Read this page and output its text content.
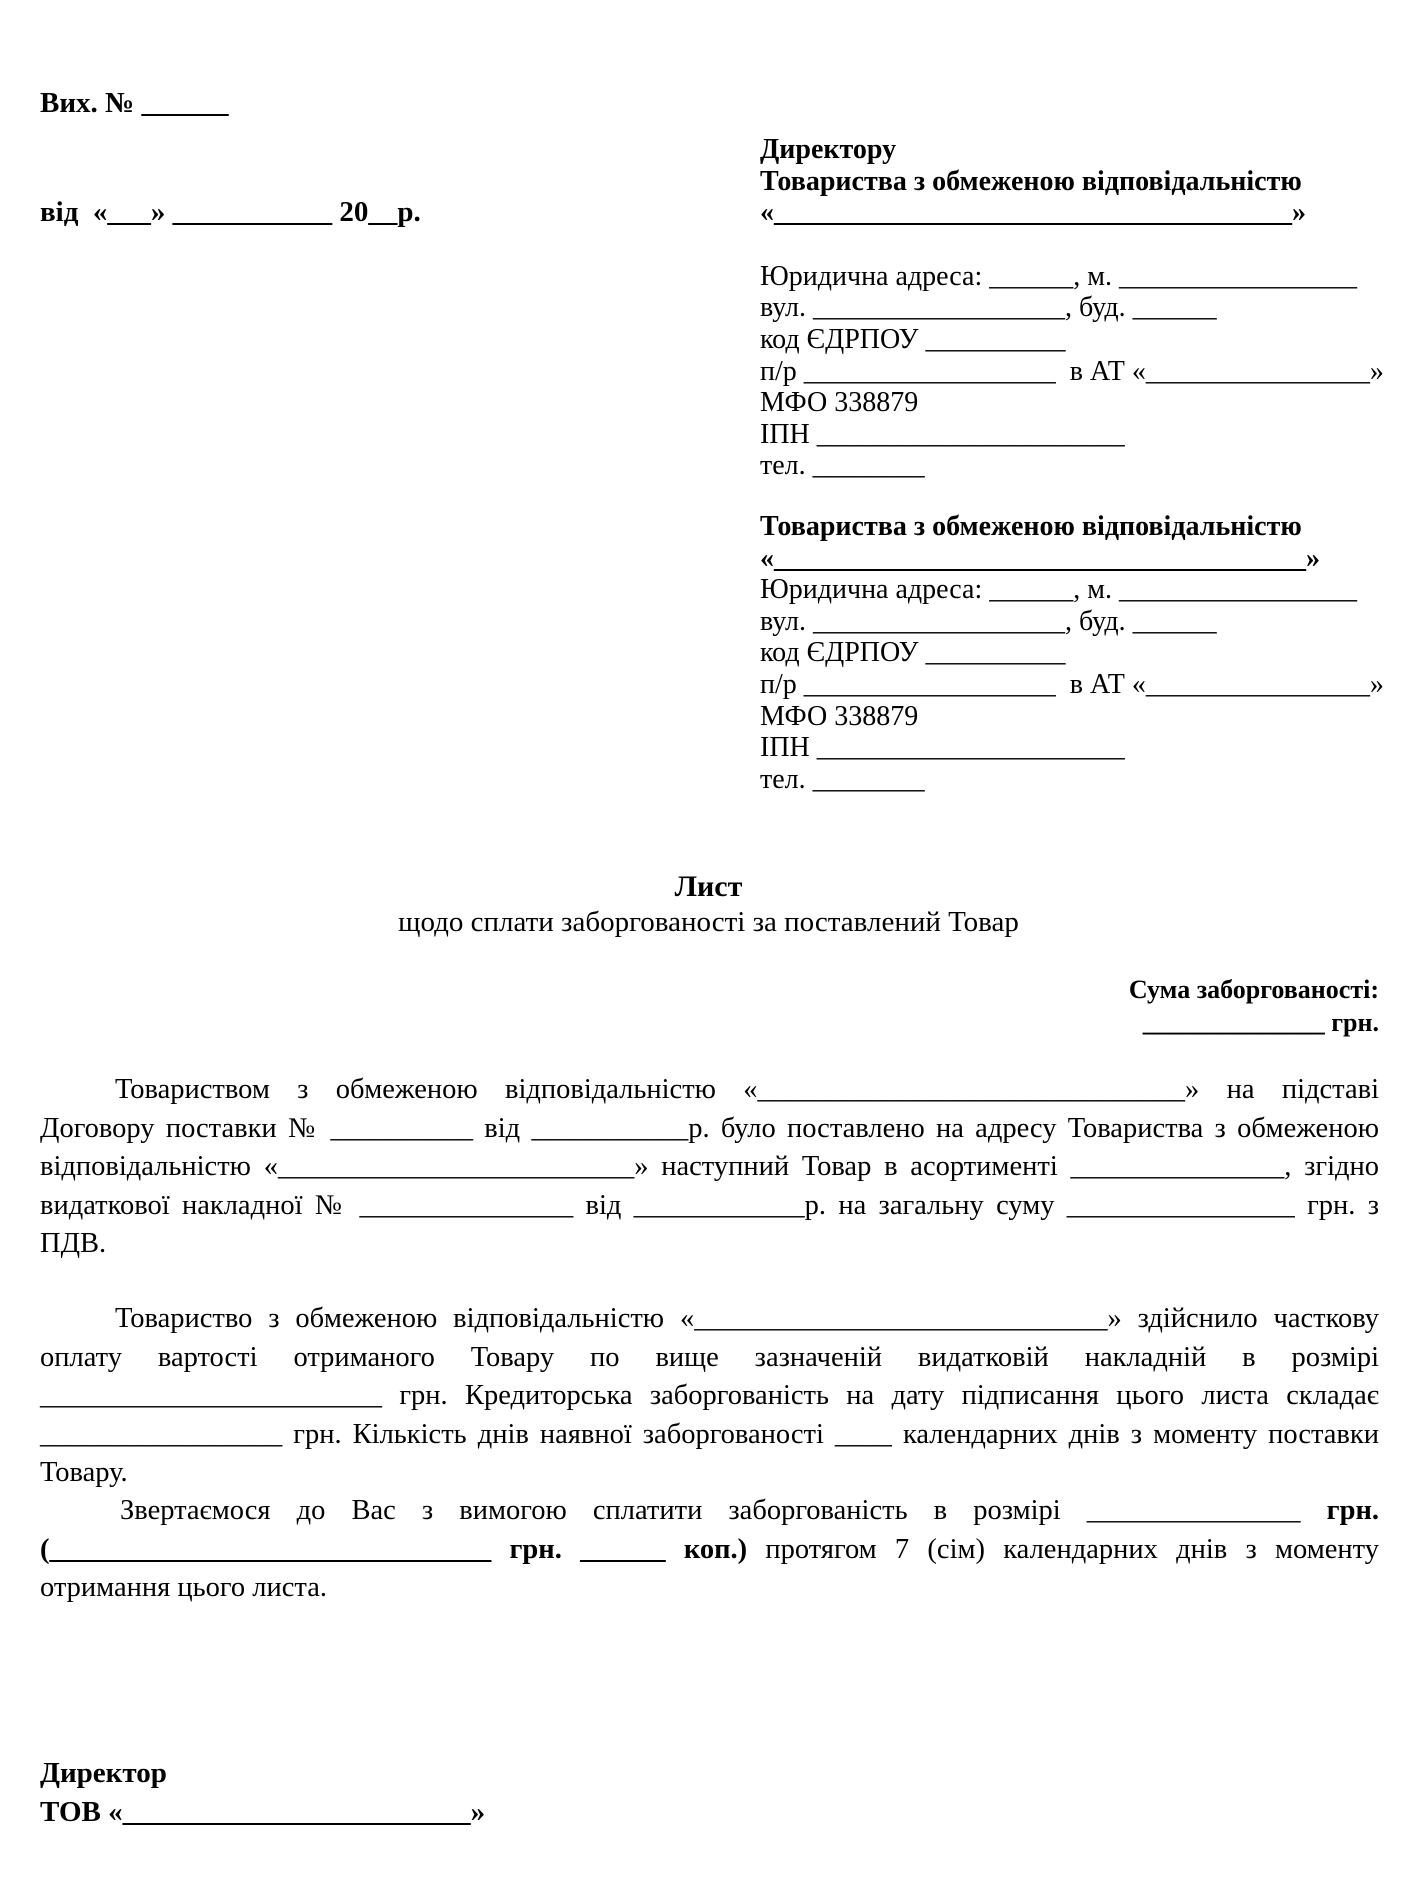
Вих. № ______

від  «___» ___________ 20__р.

Директору
Товариства з обмеженою відповідальністю
«_____________________________________»
Юридична адреса: ______, м. _________________
вул. __________________, буд. ______
код ЄДРПОУ __________
п/р __________________  в АТ «________________»
МФО 338879
ІПН ______________________
тел. ________
Товариства з обмеженою відповідальністю
«______________________________________»
Юридична адреса: ______, м. _________________
вул. __________________, буд. ______
код ЄДРПОУ __________
п/р __________________  в АТ «________________»
МФО 338879
ІПН ______________________
тел. ________
Лист
щодо сплати заборгованості за поставлений Товар
Сума заборгованості:
______________ грн.
Товариством з обмеженою відповідальністю «______________________________» на підставі Договору поставки № __________ від ___________р. було поставлено на адресу Товариства з обмеженою відповідальністю «_________________________» наступний Товар в асортименті _______________, згідно видаткової накладної № _______________ від ____________р. на загальну суму ________________ грн. з ПДВ.
Товариство з обмеженою відповідальністю «_____________________________» здійснило часткову оплату вартості отриманого Товару по вище зазначеній видатковій накладній в розмірі ________________________ грн. Кредиторська заборгованість на дату підписання цього листа складає _________________ грн. Кількість днів наявної заборгованості ____ календарних днів з моменту поставки Товару.
Звертаємося до Вас з вимогою сплатити заборгованість в розмірі _______________ грн. (_______________________________ грн. ______ коп.) протягом 7 (сім) календарних днів з моменту отримання цього листа.
Директор
ТОВ «________________________»
